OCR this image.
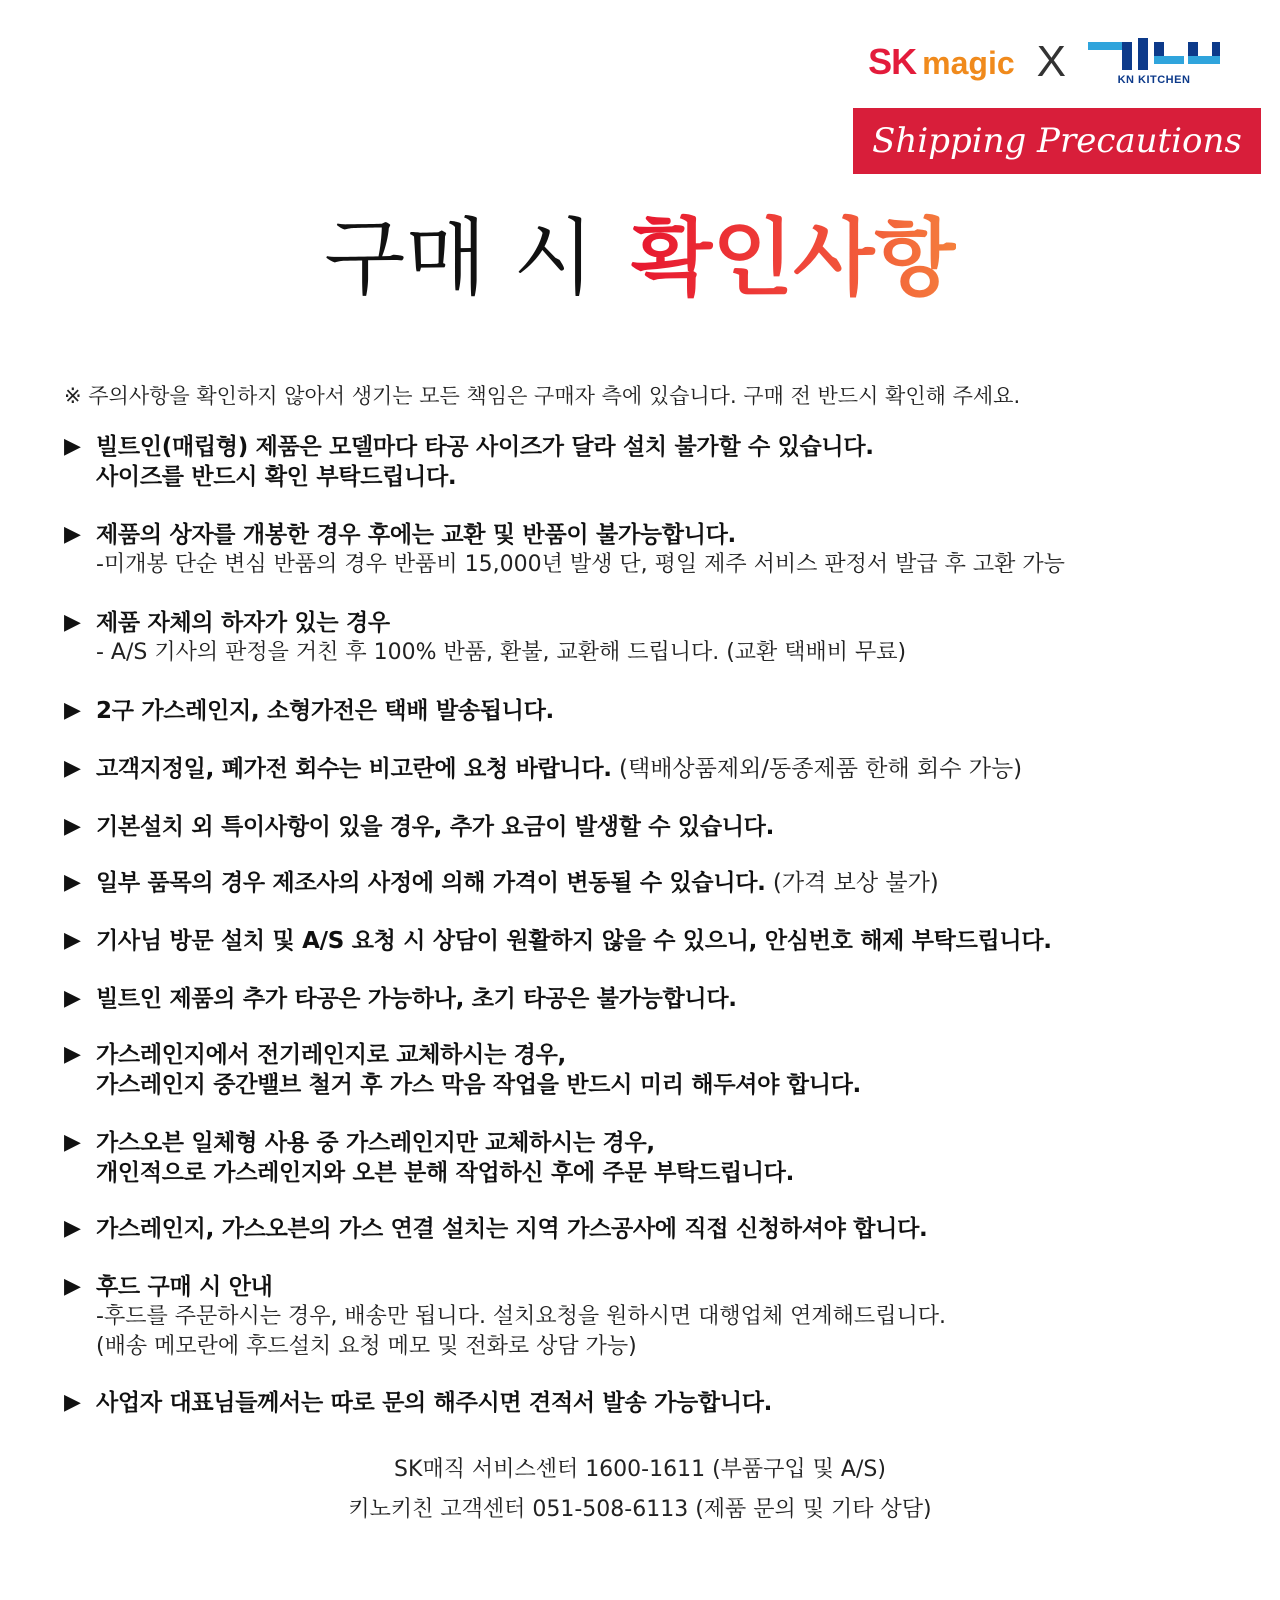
SK magic X	KN KITCHEN
Shipping Precautions
구매 시 확인사항
※ 주의사항을 확인하지 않아서 생기는 모든 책임은 구매자 측에 있습니다. 구매 전 반드시 확인해 주세요.
▶ 빌트인(매립형) 제품은 모델마다 타공 사이즈가 달라 설치 불가할 수 있습니다.
사이즈를 반드시 확인 부탁드립니다.
▶ 제품의 상자를 개봉한 경우 후에는 교환 및 반품이 불가능합니다.
-미개봉 단순 변심 반품의 경우 반품비 15,000년 발생 단, 평일 제주 서비스 판정서 발급 후 고환 가능
▶ 제품 자체의 하자가 있는 경우
- A/S 기사의 판정을 거친 후 100% 반품, 환불, 교환해 드립니다. (교환 택배비 무료)
▶ 2구 가스레인지, 소형가전은 택배 발송됩니다.
▶ 고객지정일, 폐가전 회수는 비고란에 요청 바랍니다. (택배상품제외/동종제품 한해 회수 가능)
▶ 기본설치 외 특이사항이 있을 경우, 추가 요금이 발생할 수 있습니다.
▶ 일부 품목의 경우 제조사의 사정에 의해 가격이 변동될 수 있습니다. (가격 보상 불가)
▶ 기사님 방문 설치 및 A/S 요청 시 상담이 원활하지 않을 수 있으니, 안심번호 해제 부탁드립니다.
▶ 빌트인 제품의 추가 타공은 가능하나, 초기 타공은 불가능합니다.
▶ 가스레인지에서 전기레인지로 교체하시는 경우,
가스레인지 중간밸브 철거 후 가스 막음 작업을 반드시 미리 해두셔야 합니다.
▶ 가스오븐 일체형 사용 중 가스레인지만 교체하시는 경우,
개인적으로 가스레인지와 오븐 분해 작업하신 후에 주문 부탁드립니다.
▶ 가스레인지, 가스오븐의 가스 연결 설치는 지역 가스공사에 직접 신청하셔야 합니다.
▶ 후드 구매 시 안내
-후드를 주문하시는 경우, 배송만 됩니다. 설치요청을 원하시면 대행업체 연계해드립니다.
(배송 메모란에 후드설치 요청 메모 및 전화로 상담 가능)
▶ 사업자 대표님들께서는 따로 문의 해주시면 견적서 발송 가능합니다.
SK매직 서비스센터 1600-1611 (부품구입 및 A/S)
키노키친 고객센터 051-508-6113 (제품 문의 및 기타 상담)
